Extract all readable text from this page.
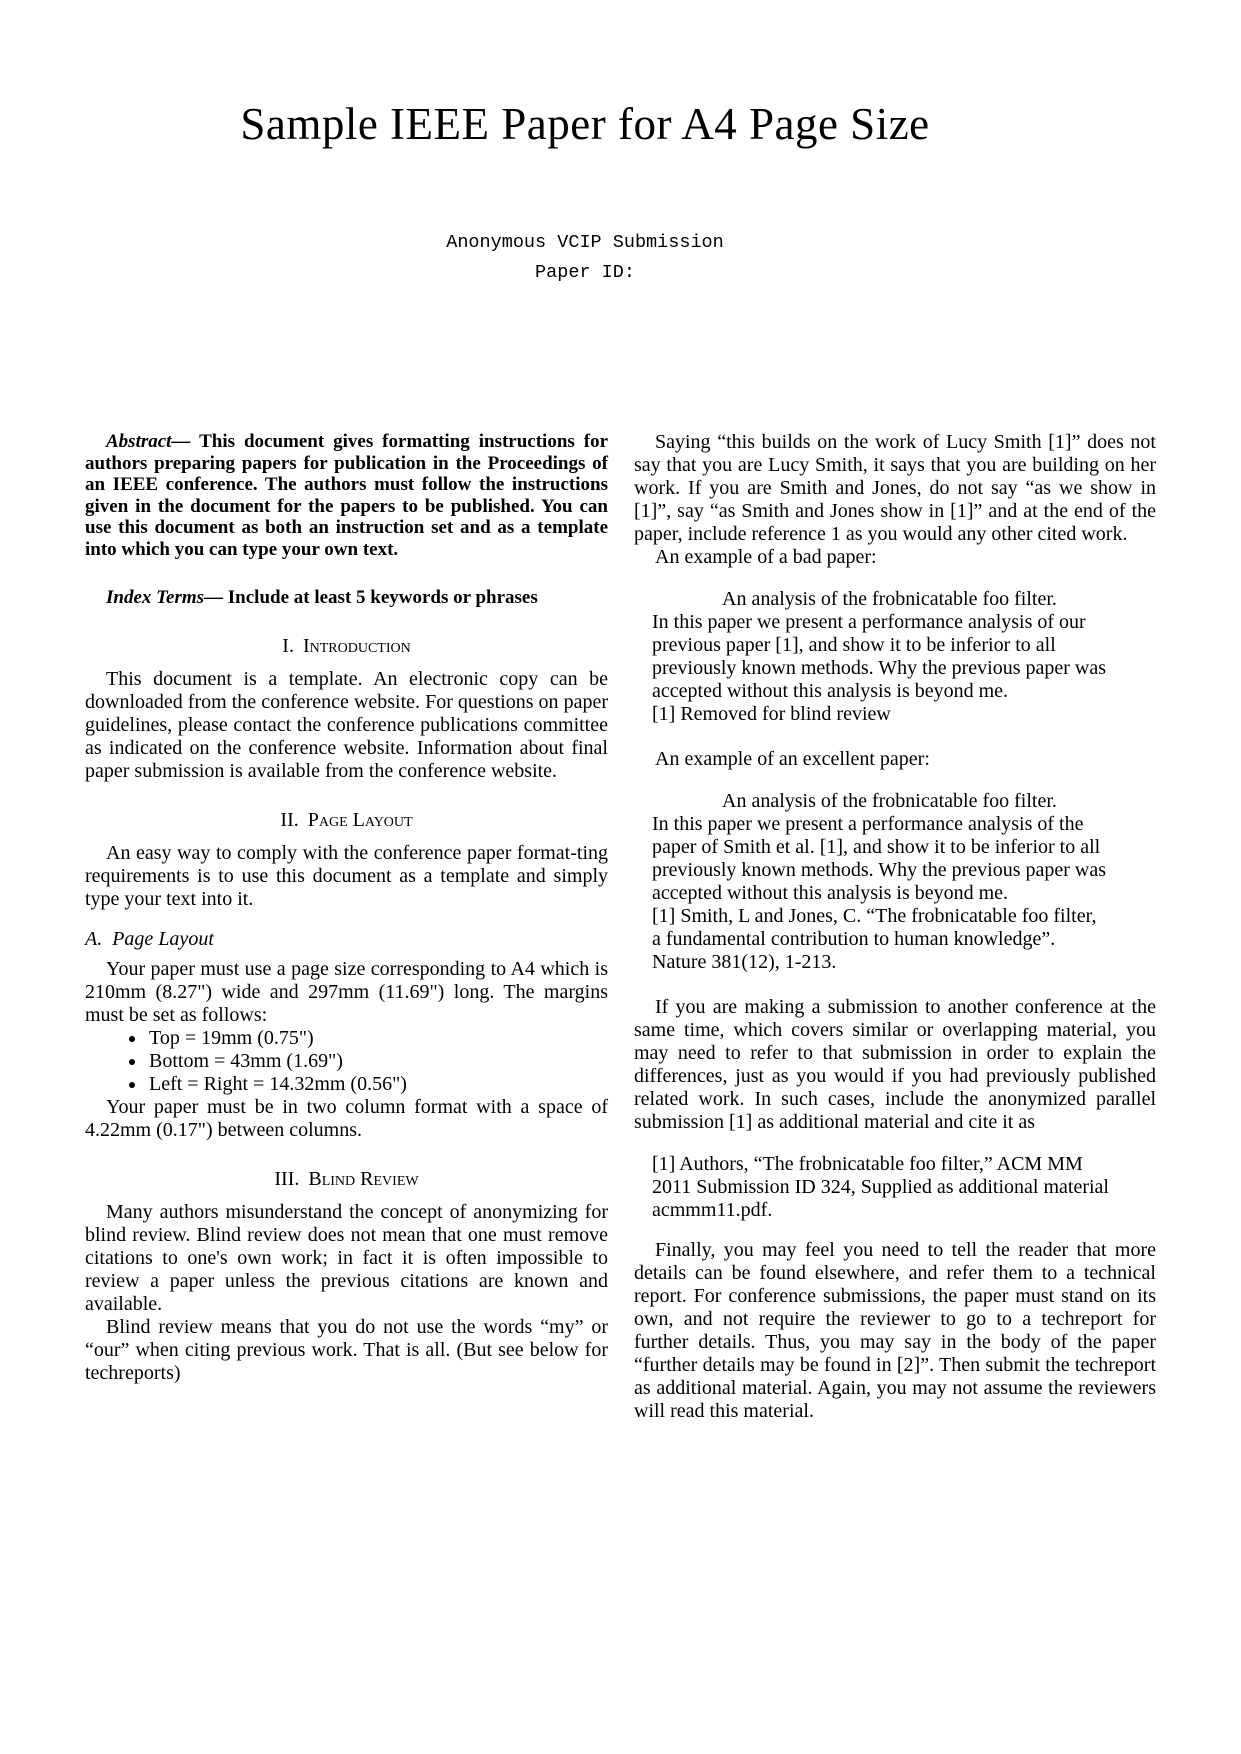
Sample IEEE Paper for A4 Page Size
Anonymous VCIP Submission
Paper ID:

Abstract— This document gives formatting instructions for authors preparing papers for publication in the Proceedings of an IEEE conference. The authors must follow the instructions given in the document for the papers to be published. You can use this document as both an instruction set and as a template into which you can type your own text.

Index Terms— Include at least 5 keywords or phrases

I. Introduction

This document is a template. An electronic copy can be downloaded from the conference website. For questions on paper guidelines, please contact the conference publications committee as indicated on the conference website. Information about final paper submission is available from the conference website.

II. Page Layout

An easy way to comply with the conference paper format-ting requirements is to use this document as a template and simply type your text into it.

A. Page Layout

Your paper must use a page size corresponding to A4 which is 210mm (8.27") wide and 297mm (11.69") long. The margins must be set as follows:

• Top = 19mm (0.75")
• Bottom = 43mm (1.69")
• Left = Right = 14.32mm (0.56")

Your paper must be in two column format with a space of 4.22mm (0.17") between columns.

III. Blind Review

Many authors misunderstand the concept of anonymizing for blind review. Blind review does not mean that one must remove citations to one's own work; in fact it is often impossible to review a paper unless the previous citations are known and available.

Blind review means that you do not use the words “my” or “our” when citing previous work. That is all. (But see below for techreports)

Saying “this builds on the work of Lucy Smith [1]” does not say that you are Lucy Smith, it says that you are building on her work. If you are Smith and Jones, do not say “as we show in [1]”, say “as Smith and Jones show in [1]” and at the end of the paper, include reference 1 as you would any other cited work.

An example of a bad paper:

An analysis of the frobnicatable foo filter.
In this paper we present a performance analysis of our previous paper [1], and show it to be inferior to all previously known methods. Why the previous paper was accepted without this analysis is beyond me.
[1] Removed for blind review

An example of an excellent paper:

An analysis of the frobnicatable foo filter.
In this paper we present a performance analysis of the paper of Smith et al. [1], and show it to be inferior to all previously known methods. Why the previous paper was accepted without this analysis is beyond me.
[1] Smith, L and Jones, C. “The frobnicatable foo filter, a fundamental contribution to human knowledge”. Nature 381(12), 1-213.

If you are making a submission to another conference at the same time, which covers similar or overlapping material, you may need to refer to that submission in order to explain the differences, just as you would if you had previously published related work. In such cases, include the anonymized parallel submission [1] as additional material and cite it as

[1] Authors, “The frobnicatable foo filter,” ACM MM 2011 Submission ID 324, Supplied as additional material acmmm11.pdf.

Finally, you may feel you need to tell the reader that more details can be found elsewhere, and refer them to a technical report. For conference submissions, the paper must stand on its own, and not require the reviewer to go to a techreport for further details. Thus, you may say in the body of the paper “further details may be found in [2]”. Then submit the techreport as additional material. Again, you may not assume the reviewers will read this material.
